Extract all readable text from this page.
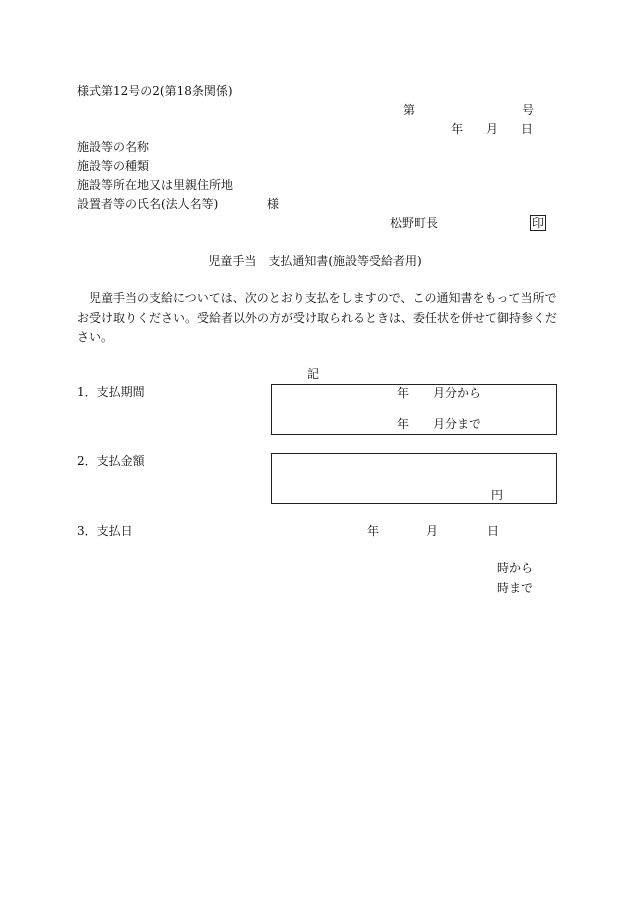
様式第12号の2(第18条関係)
第	号
年 月 日
施設等の名称
施設等の種類
施設等所在地又は里親住所地
設置者等の氏名(法人名等)	様
松野町長	印
児童手当　支払通知書(施設等受給者用)
児童手当の支給については、次のとおり支払をしますので、この通知書をもって当所で
お受け取りください。受給者以外の方が受け取られるときは、委任状を併せて御持参くだ
さい。
記
1．支払期間	年 月分から
年 月分まで
2．支払金額
円
3．支払日	年	月	日
時から
時まで
